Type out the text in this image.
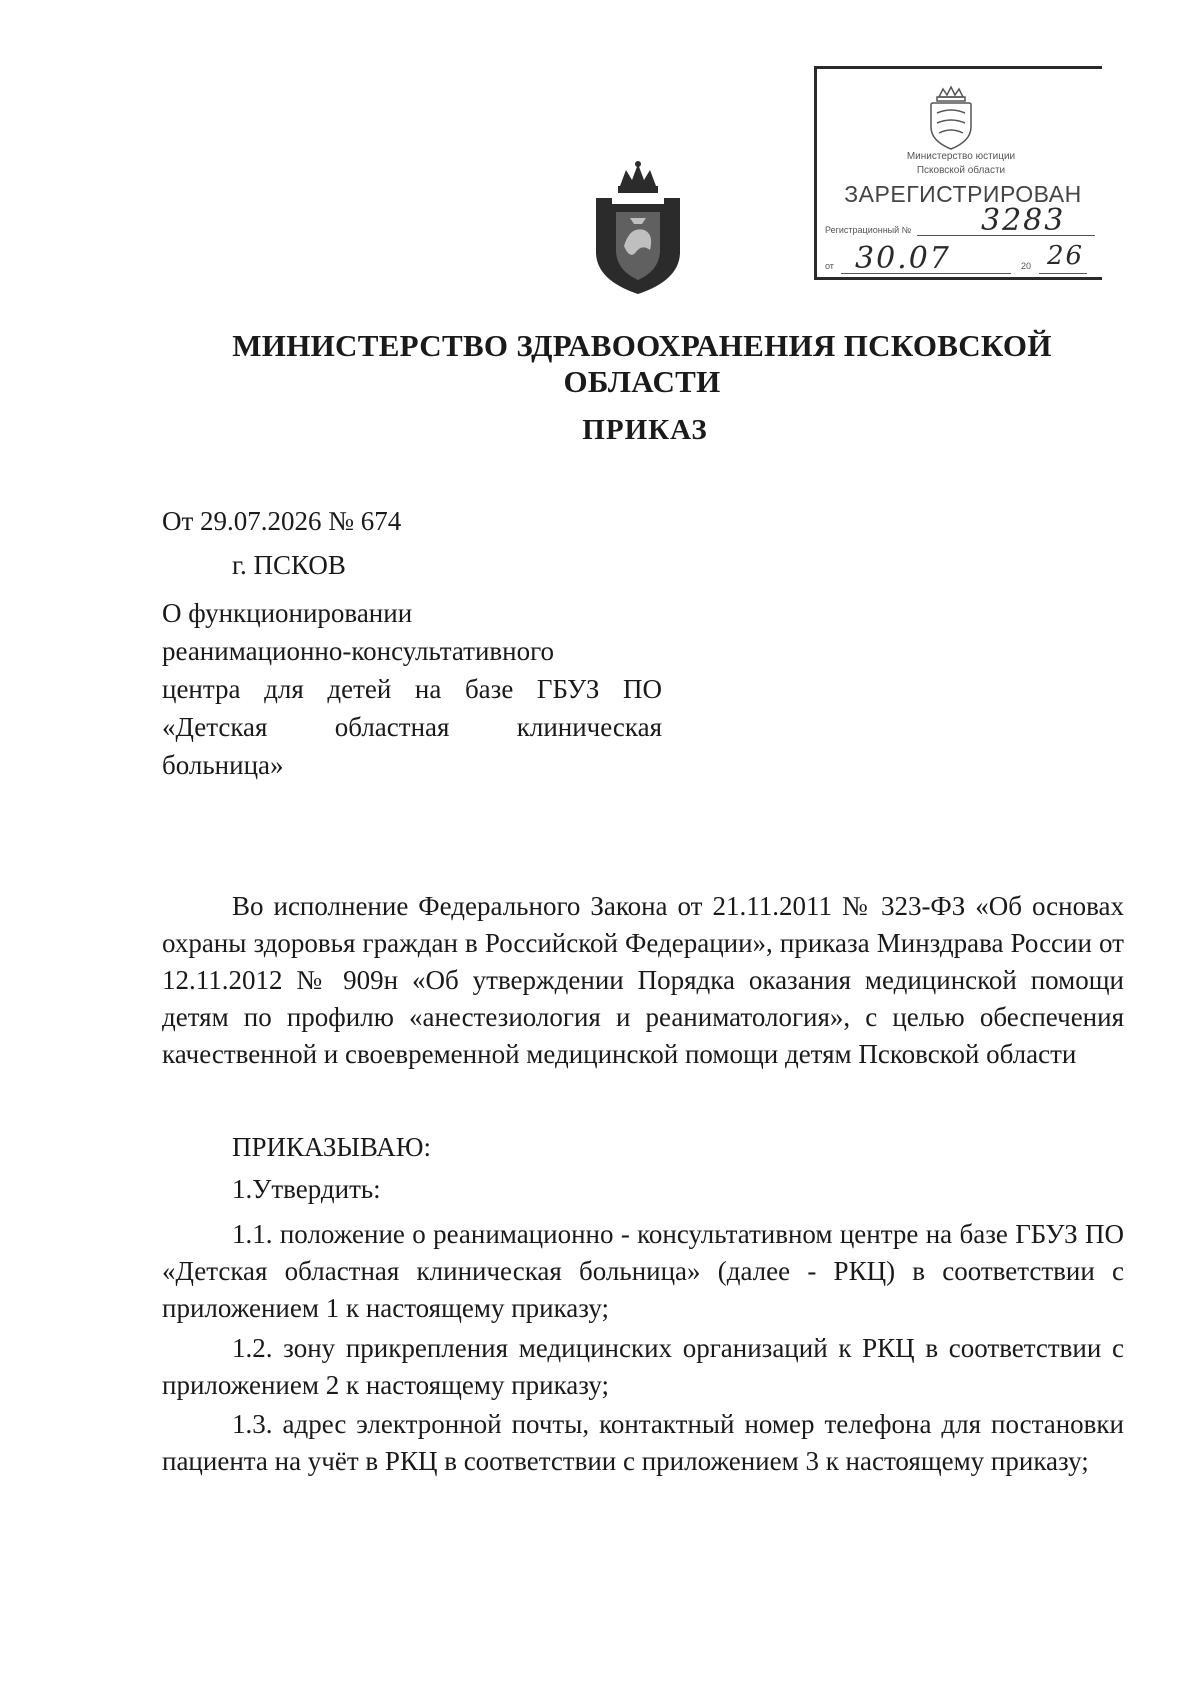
Министерство юстиции
Псковской области
ЗАРЕГИСТРИРОВАН
Регистрационный № 3283
от 30.07	20 26
МИНИСТЕРСТВО ЗДРАВООХРАНЕНИЯ ПСКОВСКОЙ ОБЛАСТИ
ПРИКАЗ
От 29.07.2026 № 674
г. ПСКОВ
О функционировании
реанимационно-консультативного
центра для детей на базе ГБУЗ ПО
«Детская областная клиническая
больница»
Во исполнение Федерального Закона от 21.11.2011 № 323-ФЗ «Об основах охраны здоровья граждан в Российской Федерации», приказа Минздрава России от 12.11.2012 № 909н «Об утверждении Порядка оказания медицинской помощи детям по профилю «анестезиология и реаниматология», с целью обеспечения качественной и своевременной медицинской помощи детям Псковской области
ПРИКАЗЫВАЮ:
1.Утвердить:
1.1. положение о реанимационно - консультативном центре на базе ГБУЗ ПО «Детская областная клиническая больница» (далее - РКЦ) в соответствии с приложением 1 к настоящему приказу;
1.2. зону прикрепления медицинских организаций к РКЦ в соответствии с приложением 2 к настоящему приказу;
1.3. адрес электронной почты, контактный номер телефона для постановки пациента на учёт в РКЦ в соответствии с приложением 3 к настоящему приказу;
